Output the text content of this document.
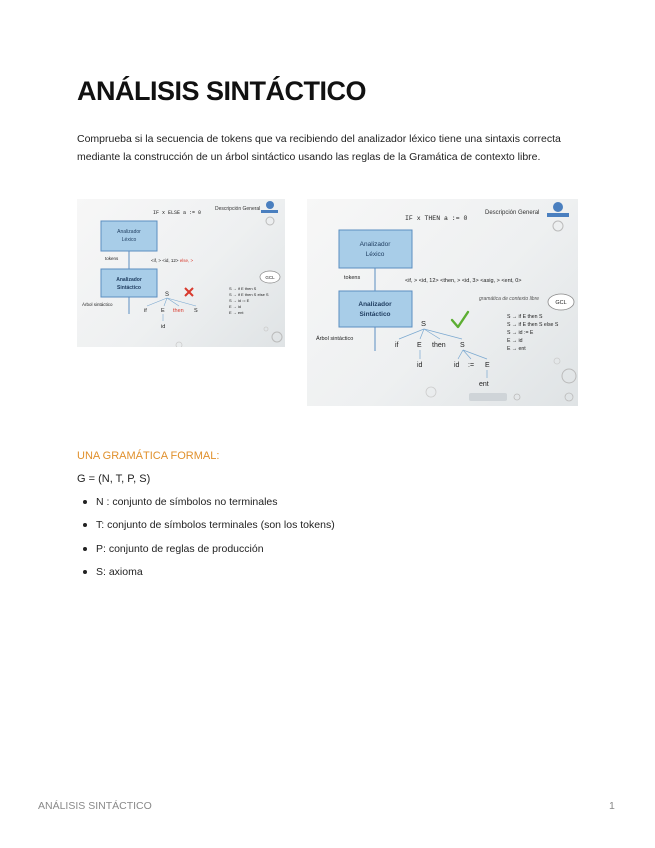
ANÁLISIS SINTÁCTICO

Comprueba si la secuencia de tokens que va recibiendo del analizador léxico tiene una sintaxis correcta mediante la construcción de un árbol sintáctico usando las reglas de la Gramática de contexto libre.

Descripción General
IF x ELSE a := 0
Analizador
Léxico
tokens	<if, > <id, 12> else, >
Analizador
Sintáctico
Árbol sintáctico
S
if	E then S
id
GCL
S → if E then S
S → if E then S else S
S → id := E
E → id
E → ent
Descripción General
IF x THEN a := 0
Analizador
Léxico
tokens	<if, > <id, 12> <then, > <id, 3> <asig, > <ent, 0>
gramática de contexto libre
Analizador
Sintáctico
Árbol sintáctico
S
if	E then S
id	id := E
ent
GCL
S → if E then S
S → if E then S else S
S → id := E
E → id
E → ent
UNA GRAMÁTICA FORMAL:

G = (N, T, P, S)

N : conjunto de símbolos no terminales
T: conjunto de símbolos terminales (son los tokens)
P: conjunto de reglas de producción
S: axioma
ANÁLISIS SINTÁCTICO	1
